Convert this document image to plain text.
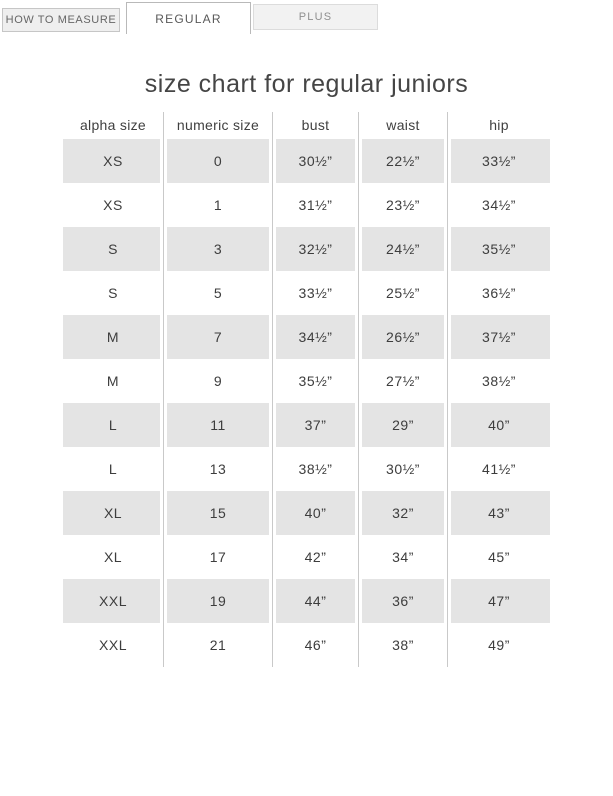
HOW TO MEASURE	REGULAR	PLUS
size chart for regular juniors
alpha size	numeric size	bust	waist	hip
XS	0	30½”	22½”	33½”
XS	1	31½”	23½”	34½”
S	3	32½”	24½”	35½”
S	5	33½”	25½”	36½”
M	7	34½”	26½”	37½”
M	9	35½”	27½”	38½”
L	11	37”	29”	40”
L	13	38½”	30½”	41½”
XL	15	40”	32”	43”
XL	17	42”	34”	45”
XXL	19	44”	36”	47”
XXL	21	46”	38”	49”
